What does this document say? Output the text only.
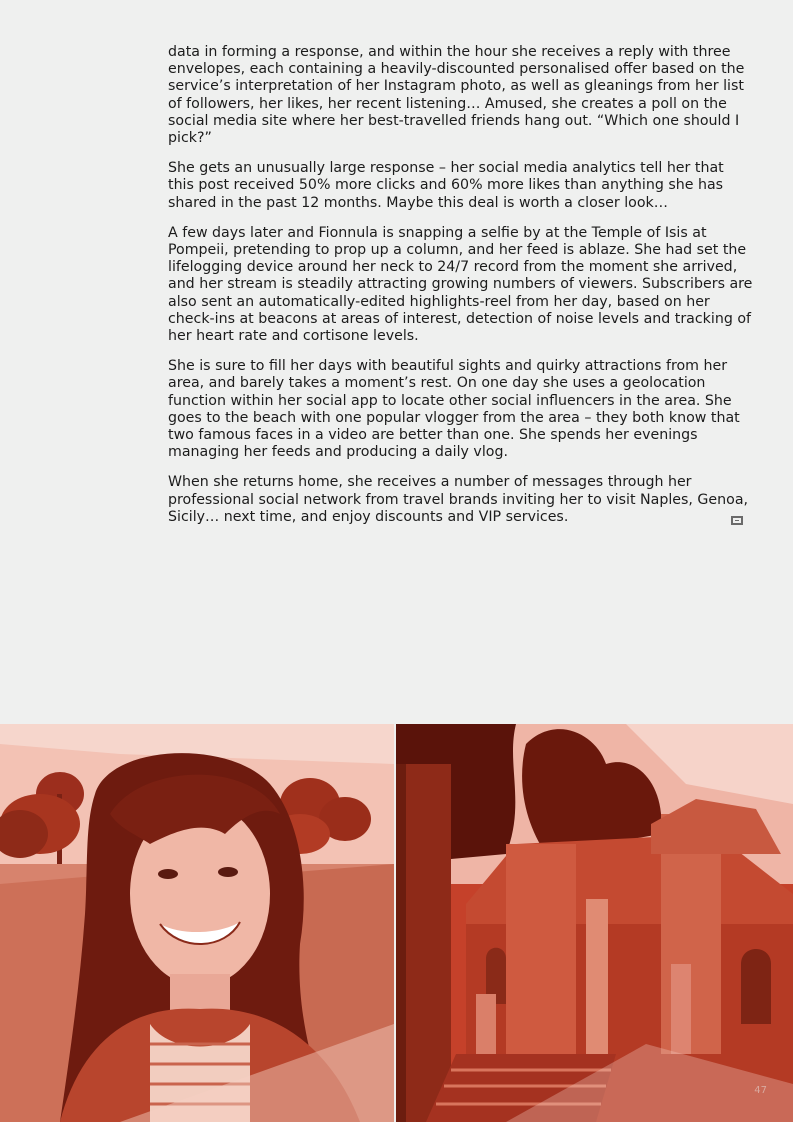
data in forming a response, and within the hour she receives a reply with three envelopes, each containing a heavily-discounted personalised offer based on the service’s interpretation of her Instagram photo, as well as gleanings from her list of followers, her likes, her recent listening… Amused, she creates a poll on the social media site where her best-travelled friends hang out. “Which one should I pick?”

She gets an unusually large response – her social media analytics tell her that this post received 50% more clicks and 60% more likes than anything she has shared in the past 12 months. Maybe this deal is worth a closer look…

A few days later and Fionnula is snapping a selfie by at the Temple of Isis at Pompeii, pretending to prop up a column, and her feed is ablaze. She had set the lifelogging device around her neck to 24/7 record from the moment she arrived, and her stream is steadily attracting growing numbers of viewers. Subscribers are also sent an automatically-edited highlights-reel from her day, based on her check-ins at beacons at areas of interest, detection of noise levels and tracking of her heart rate and cortisone levels.

She is sure to fill her days with beautiful sights and quirky attractions from her area, and barely takes a moment’s rest. On one day she uses a geolocation function within her social app to locate other social influencers in the area. She goes to the beach with one popular vlogger from the area – they both know that two famous faces in a video are better than one. She spends her evenings managing her feeds and producing a daily vlog.

When she returns home, she receives a number of messages through her professional social network from travel brands inviting her to visit Naples, Genoa, Sicily… next time, and enjoy discounts and VIP services.

47
